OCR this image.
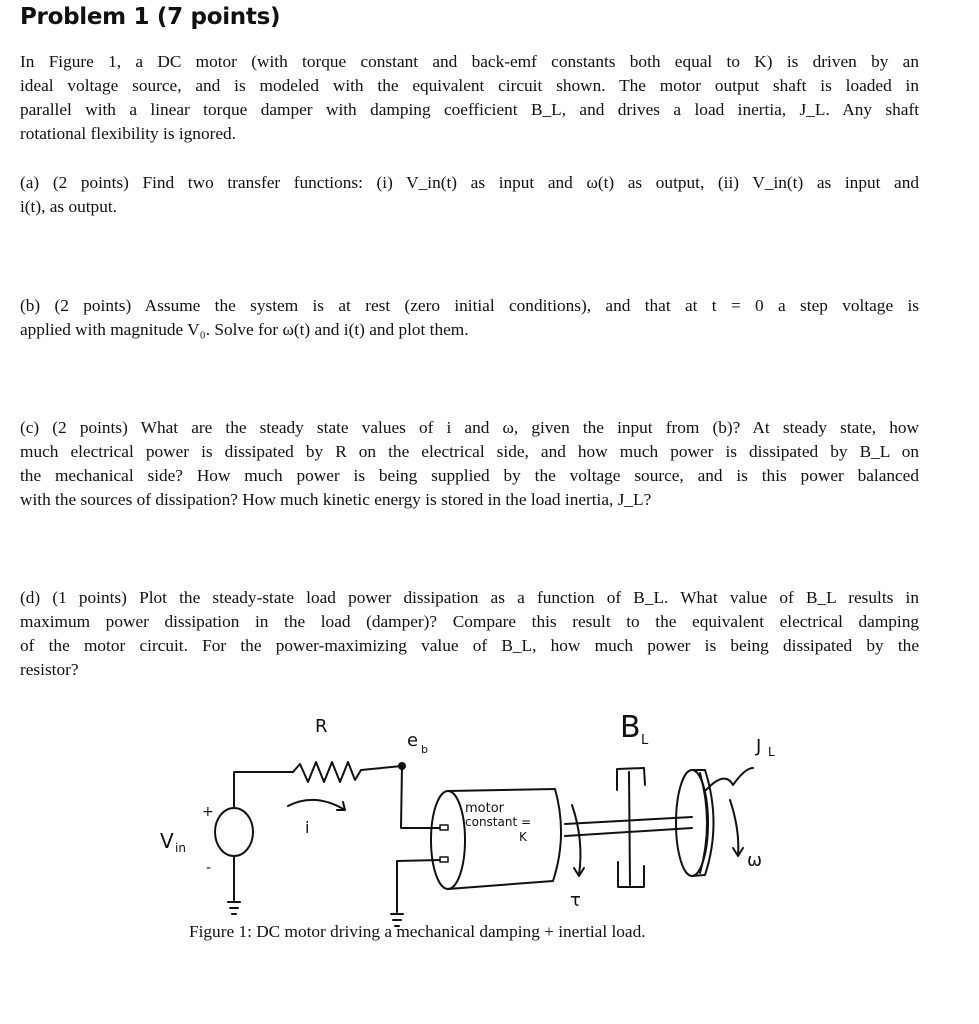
Problem 1 (7 points)
In Figure 1, a DC motor (with torque constant and back-emf constants both equal to K) is driven by an
ideal voltage source, and is modeled with the equivalent circuit shown. The motor output shaft is loaded in
parallel with a linear torque damper with damping coefficient B_L, and drives a load inertia, J_L. Any shaft
rotational flexibility is ignored.
(a) (2 points) Find two transfer functions: (i) V_in(t) as input and ω(t) as output, (ii) V_in(t) as input and
i(t), as output.
(b) (2 points) Assume the system is at rest (zero initial conditions), and that at t = 0 a step voltage is
applied with magnitude V₀. Solve for ω(t) and i(t) and plot them.
(c) (2 points) What are the steady state values of i and ω, given the input from (b)? At steady state, how
much electrical power is dissipated by R on the electrical side, and how much power is dissipated by B_L on
the mechanical side? How much power is being supplied by the voltage source, and is this power balanced
with the sources of dissipation? How much kinetic energy is stored in the load inertia, J_L?
(d) (1 points) Plot the steady-state load power dissipation as a function of B_L. What value of B_L results in
maximum power dissipation in the load (damper)? Compare this result to the equivalent electrical damping
of the motor circuit. For the power-maximizing value of B_L, how much power is being dissipated by the
resistor?
R
e b
V in
+
-
i
motor
constant =
K
B L	J L
ω
τ
Figure 1: DC motor driving a mechanical damping + inertial load.
